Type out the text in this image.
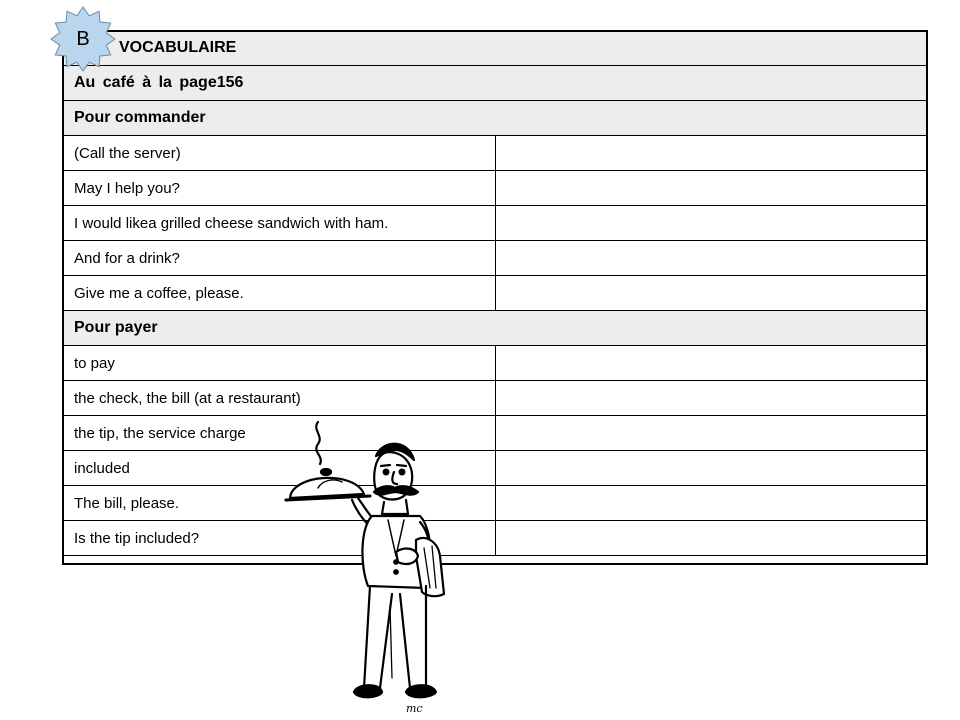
VOCABULAIRE	
Au café à la page156	
Pour commander	
(Call the server)	
May I help you?	
I would likea grilled cheese sandwich with ham.	
And for a drink?	
Give me a coffee, please.	
Pour payer	
to pay	
the check, the bill (at a restaurant)	
the tip, the service charge	
included	
The bill, please.	
Is the tip included?	
B
mc
